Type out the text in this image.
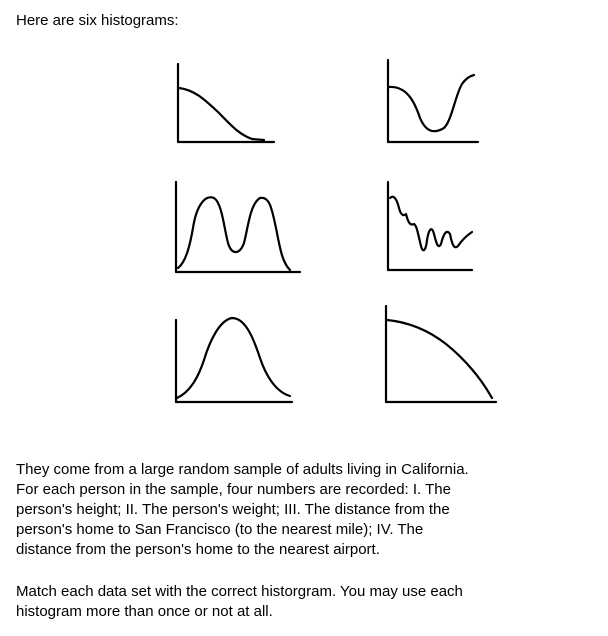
Here are six histograms:

They come from a large random sample of adults living in California.
For each person in the sample, four numbers are recorded: I. The
person's height; II. The person's weight; III. The distance from the
person's home to San Francisco (to the nearest mile); IV. The
distance from the person's home to the nearest airport.

Match each data set with the correct historgram. You may use each
histogram more than once or not at all.
